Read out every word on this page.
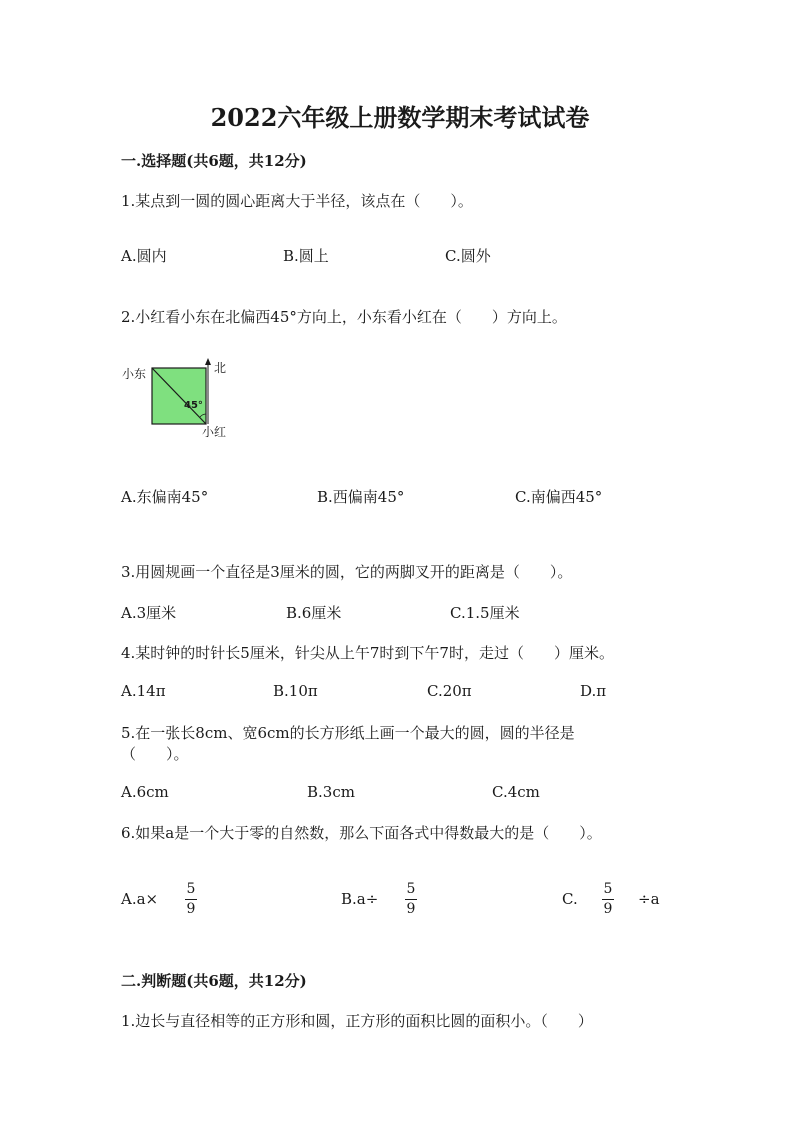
2022六年级上册数学期末考试试卷
一.选择题(共6题，共12分)
1.某点到一圆的圆心距离大于半径，该点在（　　）。
A.圆内	B.圆上	C.圆外
2.小红看小东在北偏西45°方向上，小东看小红在（　　）方向上。
小东	北
45°
小红
A.东偏南45°	B.西偏南45°	C.南偏西45°
3.用圆规画一个直径是3厘米的圆，它的两脚叉开的距离是（　　）。
A.3厘米	B.6厘米	C.1.5厘米
4.某时钟的时针长5厘米，针尖从上午7时到下午7时，走过（　　）厘米。
A.14π	B.10π	C.20π	D.π
5.在一张长8cm、宽6cm的长方形纸上画一个最大的圆，圆的半径是
（　　）。
A.6cm	B.3cm	C.4cm
6.如果a是一个大于零的自然数，那么下面各式中得数最大的是（　　）。
A.a×
5
9
B.a÷
5
9
C.
5
9
÷a
二.判断题(共6题，共12分)
1.边长与直径相等的正方形和圆，正方形的面积比圆的面积小。（　　）
